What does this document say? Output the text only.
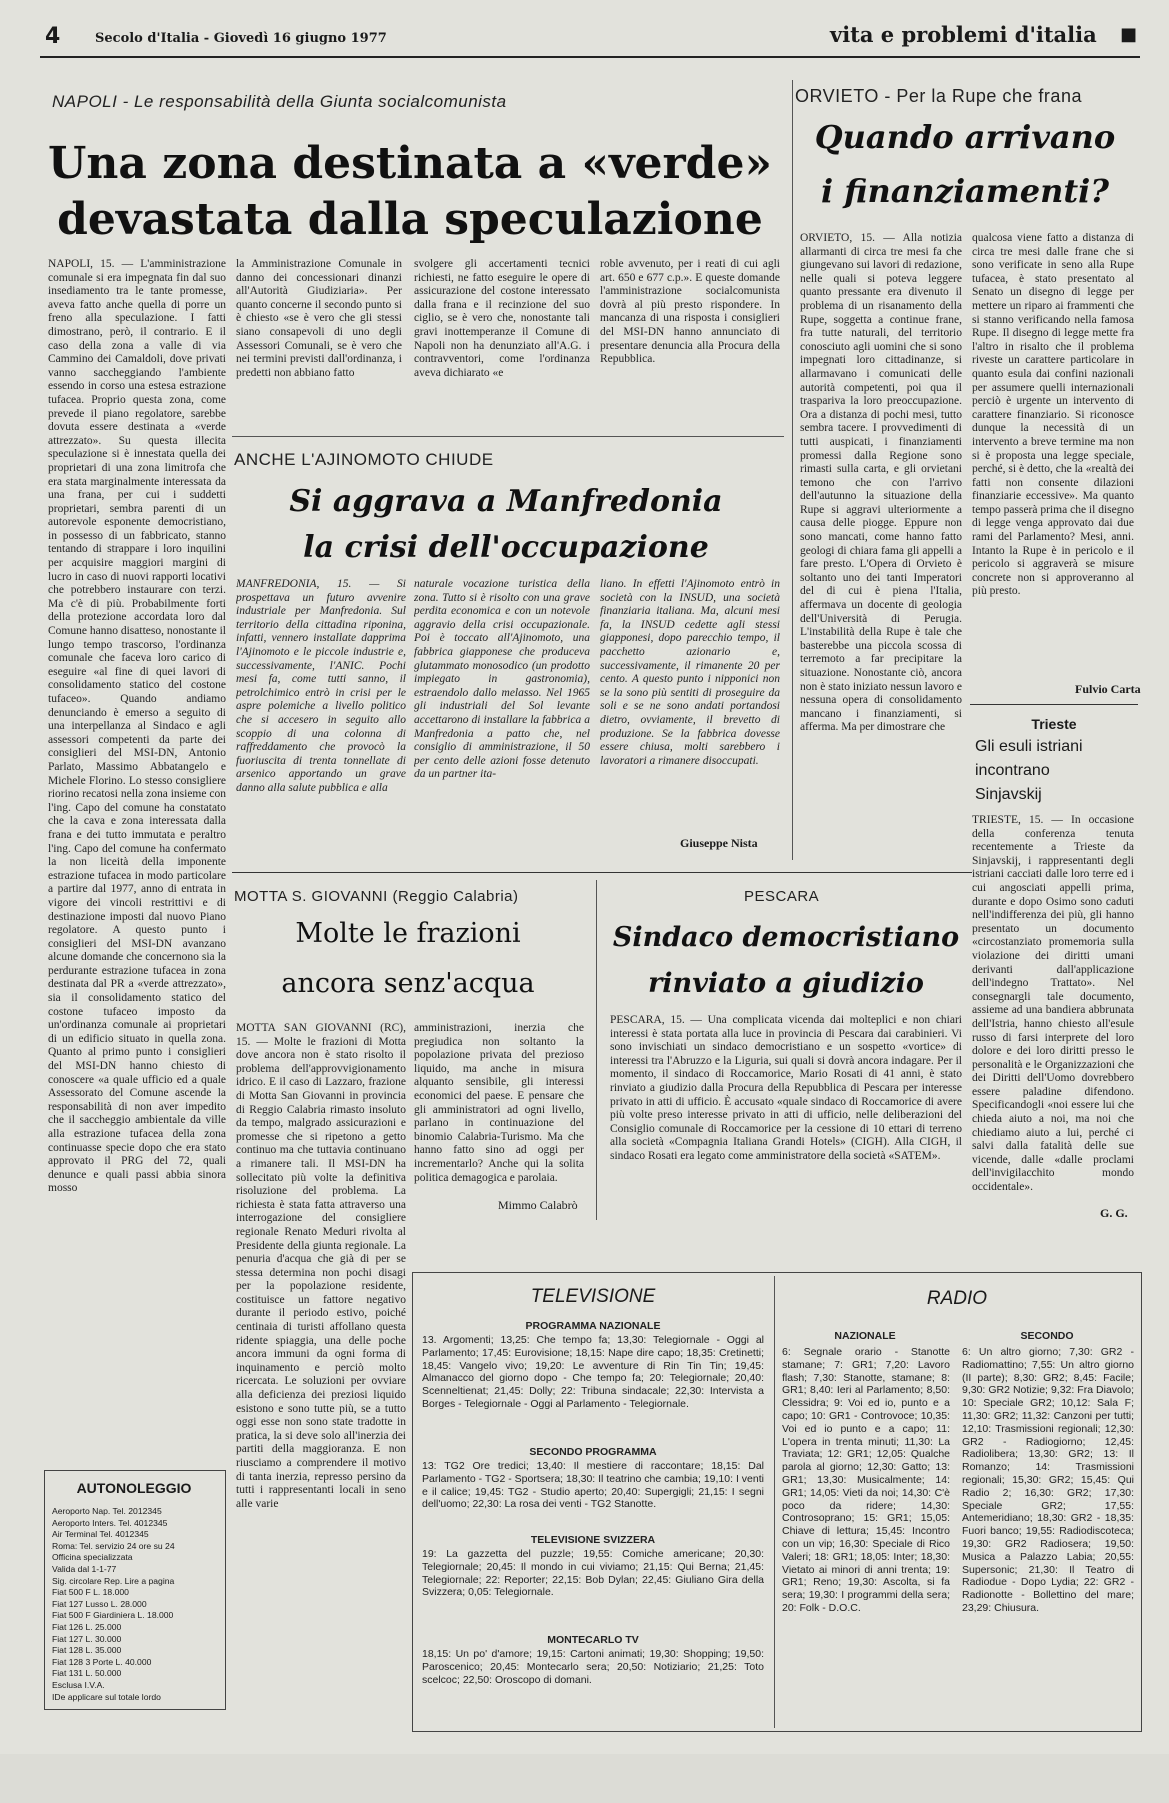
4	Secolo d'Italia - Giovedì 16 giugno 1977	vita e problemi d'italia ■
NAPOLI - Le responsabilità della Giunta socialcomunista
Una zona destinata a «verde»
devastata dalla speculazione
NAPOLI, 15. — L'amministrazione comunale si era impegnata fin dal suo insediamento tra le tante promesse, aveva fatto anche quella di porre un freno alla speculazione. I fatti dimostrano, però, il contrario. E il caso della zona a valle di via Cammino dei Camaldoli, dove privati vanno saccheggiando l'ambiente essendo in corso una estesa estrazione tufacea. Proprio questa zona, come prevede il piano regolatore, sarebbe dovuta essere destinata a «verde attrezzato». Su questa illecita speculazione si è innestata quella dei proprietari di una zona limitrofa che era stata marginalmente interessata da una frana, per cui i suddetti proprietari, sembra parenti di un autorevole esponente democristiano, in possesso di un fabbricato, stanno tentando di strappare i loro inquilini per acquisire maggiori margini di lucro in caso di nuovi rapporti locativi che potrebbero instaurare con terzi. Ma c'è di più. Probabilmente forti della protezione accordata loro dal Comune hanno disatteso, nonostante il lungo tempo trascorso, l'ordinanza comunale che faceva loro carico di eseguire «al fine di quei lavori di consolidamento statico del costone tufaceo». Quando andiamo denunciando è emerso a seguito di una interpellanza al Sindaco e agli assessori competenti da parte dei consiglieri del MSI-DN, Antonio Parlato, Massimo Abbatangelo e Michele Florino. Lo stesso consigliere riorino recatosi nella zona insieme con l'ing. Capo del comune ha constatato che la cava e zona interessata dalla frana e dei tutto immutata e peraltro l'ing. Capo del comune ha confermato la non liceità della imponente estrazione tufacea in modo particolare a partire dal 1977, anno di entrata in vigore dei vincoli restrittivi e di destinazione imposti dal nuovo Piano regolatore. A questo punto i consiglieri del MSI-DN avanzano alcune domande che concernono sia la perdurante estrazione tufacea in zona destinata dal PR a «verde attrezzato», sia il consolidamento statico del costone tufaceo imposto da un'ordinanza comunale ai proprietari di un edificio situato in quella zona. Quanto al primo punto i consiglieri del MSI-DN hanno chiesto di conoscere «a quale ufficio ed a quale Assessorato del Comune ascende la responsabilità di non aver impedito che il saccheggio ambientale da ville alla estrazione tufacea della zona continuasse specie dopo che era stato approvato il PRG del 72, quali denunce e quali passi abbia sinora mosso
la Amministrazione Comunale in danno dei concessionari dinanzi all'Autorità Giudiziaria». Per quanto concerne il secondo punto si è chiesto «se è vero che gli stessi siano consapevoli di uno degli Assessori Comunali, se è vero che nei termini previsti dall'ordinanza, i predetti non abbiano fatto
svolgere gli accertamenti tecnici richiesti, ne fatto eseguire le opere di assicurazione del costone interessato dalla frana e il recinzione del suo ciglio, se è vero che, nonostante tali gravi inottemperanze il Comune di Napoli non ha denunziato all'A.G. i contravventori, come l'ordinanza aveva dichiarato «e
roble avvenuto, per i reati di cui agli art. 650 e 677 c.p.». E queste domande l'amministrazione socialcomunista dovrà al più presto rispondere. In mancanza di una risposta i consiglieri del MSI-DN hanno annunciato di presentare denuncia alla Procura della Repubblica.
ANCHE L'AJINOMOTO CHIUDE
Si aggrava a Manfredonia
la crisi dell'occupazione
MANFREDONIA, 15. — Si prospettava un futuro avvenire industriale per Manfredonia. Sul territorio della cittadina riponina, infatti, vennero installate dapprima l'Ajinomoto e le piccole industrie e, successivamente, l'ANIC. Pochi mesi fa, come tutti sanno, il petrolchimico entrò in crisi per le aspre polemiche a livello politico che si accesero in seguito allo scoppio di una colonna di raffreddamento che provocò la fuoriuscita di trenta tonnellate di arsenico apportando un grave danno alla salute pubblica e alla
naturale vocazione turistica della zona. Tutto si è risolto con una grave perdita economica e con un notevole aggravio della crisi occupazionale. Poi è toccato all'Ajinomoto, una fabbrica giapponese che produceva glutammato monosodico (un prodotto impiegato in gastronomia), estraendolo dallo melasso. Nel 1965 gli industriali del Sol levante accettarono di installare la fabbrica a Manfredonia a patto che, nel consiglio di amministrazione, il 50 per cento delle azioni fosse detenuto da un partner ita-
liano. In effetti l'Ajinomoto entrò in società con la INSUD, una società finanziaria italiana. Ma, alcuni mesi fa, la INSUD cedette agli stessi giapponesi, dopo parecchio tempo, il pacchetto azionario e, successivamente, il rimanente 20 per cento. A questo punto i nipponici non se la sono più sentiti di proseguire da soli e se ne sono andati portandosi dietro, ovviamente, il brevetto di produzione. Se la fabbrica dovesse essere chiusa, molti sarebbero i lavoratori a rimanere disoccupati.
Giuseppe Nista
ORVIETO - Per la Rupe che frana
Quando arrivano
i finanziamenti?
ORVIETO, 15. — Alla notizia allarmanti di circa tre mesi fa che giungevano sui lavori di redazione, nelle quali si poteva leggere quanto pressante era divenuto il problema di un risanamento della Rupe, soggetta a continue frane, fra tutte naturali, del territorio conosciuto agli uomini che si sono impegnati loro cittadinanze, si allarmavano i comunicati delle autorità competenti, poi qua il traspariva la loro preoccupazione. Ora a distanza di pochi mesi, tutto sembra tacere. I provvedimenti di tutti auspicati, i finanziamenti promessi dalla Regione sono rimasti sulla carta, e gli orvietani temono che con l'arrivo dell'autunno la situazione della Rupe si aggravi ulteriormente a causa delle piogge. Eppure non sono mancati, come hanno fatto geologi di chiara fama gli appelli a fare presto. L'Opera di Orvieto è soltanto uno dei tanti Imperatori del di cui è piena l'Italia, affermava un docente di geologia dell'Università di Perugia. L'instabilità della Rupe è tale che basterebbe una piccola scossa di terremoto a far precipitare la situazione. Nonostante ciò, ancora non è stato iniziato nessun lavoro e nessuna opera di consolidamento mancano i finanziamenti, si afferma. Ma per dimostrare che
qualcosa viene fatto a distanza di circa tre mesi dalle frane che si sono verificate in seno alla Rupe tufacea, è stato presentato al Senato un disegno di legge per mettere un riparo ai frammenti che si stanno verificando nella famosa Rupe. Il disegno di legge mette fra l'altro in risalto che il problema riveste un carattere particolare in quanto esula dai confini nazionali per assumere quelli internazionali perciò è urgente un intervento di carattere finanziario. Si riconosce dunque la necessità di un intervento a breve termine ma non si è proposta una legge speciale, perché, si è detto, che la «realtà dei fatti non consente dilazioni finanziarie eccessive». Ma quanto tempo passerà prima che il disegno di legge venga approvato dai due rami del Parlamento? Mesi, anni. Intanto la Rupe è in pericolo e il pericolo si aggraverà se misure concrete non si approveranno al più presto.
Fulvio Carta
Trieste
Gli esuli istriani
incontrano
Sinjavskij
TRIESTE, 15. — In occasione della conferenza tenuta recentemente a Trieste da Sinjavskij, i rappresentanti degli istriani cacciati dalle loro terre ed i cui angosciati appelli prima, durante e dopo Osimo sono caduti nell'indifferenza dei più, gli hanno presentato un documento «circostanziato promemoria sulla violazione dei diritti umani derivanti dall'applicazione dell'indegno Trattato». Nel consegnargli tale documento, assieme ad una bandiera abbrunata dell'Istria, hanno chiesto all'esule russo di farsi interprete del loro dolore e dei loro diritti presso le personalità e le Organizzazioni che dei Diritti dell'Uomo dovrebbero essere paladine difendono. Specificandogli «noi essere lui che chieda aiuto a noi, ma noi che chiediamo aiuto a lui, perché ci salvi dalla fatalità delle sue vicende, dalle «dalle proclami dell'invigilacchito mondo occidentale».
G. G.
MOTTA S. GIOVANNI (Reggio Calabria)
Molte le frazioni
ancora senz'acqua
MOTTA SAN GIOVANNI (RC), 15. — Molte le frazioni di Motta dove ancora non è stato risolto il problema dell'approvvigionamento idrico. E il caso di Lazzaro, frazione di Motta San Giovanni in provincia di Reggio Calabria rimasto insoluto da tempo, malgrado assicurazioni e promesse che si ripetono a getto continuo ma che tuttavia continuano a rimanere tali. Il MSI-DN ha sollecitato più volte la definitiva risoluzione del problema. La richiesta è stata fatta attraverso una interrogazione del consigliere regionale Renato Meduri rivolta al Presidente della giunta regionale. La penuria d'acqua che già di per se stessa determina non pochi disagi per la popolazione residente, costituisce un fattore negativo durante il periodo estivo, poiché centinaia di turisti affollano questa ridente spiaggia, una delle poche ancora immuni da ogni forma di inquinamento e perciò molto ricercata. Le soluzioni per ovviare alla deficienza dei preziosi liquido esistono e sono tutte più, se a tutto oggi esse non sono state tradotte in pratica, la si deve solo all'inerzia dei partiti della maggioranza. E non riusciamo a comprendere il motivo di tanta inerzia, represso persino da tutti i rappresentanti locali in seno alle varie
amministrazioni, inerzia che pregiudica non soltanto la popolazione privata del prezioso liquido, ma anche in misura alquanto sensibile, gli interessi economici del paese. E pensare che gli amministratori ad ogni livello, parlano in continuazione del binomio Calabria-Turismo. Ma che hanno fatto sino ad oggi per incrementarlo? Anche qui la solita politica demagogica e parolaia.
Mimmo Calabrò
PESCARA
Sindaco democristiano
rinviato a giudizio
PESCARA, 15. — Una complicata vicenda dai molteplici e non chiari interessi è stata portata alla luce in provincia di Pescara dai carabinieri. Vi sono invischiati un sindaco democristiano e un sospetto «vortice» di interessi tra l'Abruzzo e la Liguria, sui quali si dovrà ancora indagare. Per il momento, il sindaco di Roccamorice, Mario Rosati di 41 anni, è stato rinviato a giudizio dalla Procura della Repubblica di Pescara per interesse privato in atti di ufficio. È accusato «quale sindaco di Roccamorice di avere più volte preso interesse privato in atti di ufficio, nelle deliberazioni del Consiglio comunale di Roccamorice per la cessione di 10 ettari di terreno alla società «Compagnia Italiana Grandi Hotels» (CIGH). Alla CIGH, il sindaco Rosati era legato come amministratore della società «SATEM».
AUTONOLEGGIO
Aeroporto Nap. Tel. 2012345
Aeroporto Inters. Tel. 4012345
Air Terminal Tel. 4012345
Roma: Tel. servizio 24 ore su 24
Officina specializzata
Valida dal 1-1-77
Sig. circolare Rep. Lire a pagina
Fiat 500 F L. 18.000
Fiat 127 Lusso L. 28.000
Fiat 500 F Giardiniera L. 18.000
Fiat 126 L. 25.000
Fiat 127 L. 30.000
Fiat 128 L. 35.000
Fiat 128 3 Porte L. 40.000
Fiat 131 L. 50.000
Esclusa I.V.A.
IDe applicare sul totale lordo
TELEVISIONE
PROGRAMMA NAZIONALE
13. Argomenti; 13,25: Che tempo fa; 13,30: Telegiornale - Oggi al Parlamento; 17,45: Eurovisione; 18,15: Nape dire capo; 18,35: Cretinetti; 18,45: Vangelo vivo; 19,20: Le avventure di Rin Tin Tin; 19,45: Almanacco del giorno dopo - Che tempo fa; 20: Telegiornale; 20,40: Scenneltienat; 21,45: Dolly; 22: Tribuna sindacale; 22,30: Intervista a Borges - Telegiornale - Oggi al Parlamento - Telegiornale.
SECONDO PROGRAMMA
13: TG2 Ore tredici; 13,40: Il mestiere di raccontare; 18,15: Dal Parlamento - TG2 - Sportsera; 18,30: Il teatrino che cambia; 19,10: I venti e il calice; 19,45: TG2 - Studio aperto; 20,40: Supergigli; 21,15: I segni dell'uomo; 22,30: La rosa dei venti - TG2 Stanotte.
TELEVISIONE SVIZZERA
19: La gazzetta del puzzle; 19,55: Comiche americane; 20,30: Telegiornale; 20,45: Il mondo in cui viviamo; 21,15: Qui Berna; 21,45: Telegiornale; 22: Reporter; 22,15: Bob Dylan; 22,45: Giuliano Gira della Svizzera; 0,05: Telegiornale.
MONTECARLO TV
18,15: Un po' d'amore; 19,15: Cartoni animati; 19,30: Shopping; 19,50: Paroscenico; 20,45: Montecarlo sera; 20,50: Notiziario; 21,25: Toto scelcoc; 22,50: Oroscopo di domani.
RADIO
NAZIONALE
6: Segnale orario - Stanotte stamane; 7: GR1; 7,20: Lavoro flash; 7,30: Stanotte, stamane; 8: GR1; 8,40: Ieri al Parlamento; 8,50: Clessidra; 9: Voi ed io, punto e a capo; 10: GR1 - Controvoce; 10,35: Voi ed io punto e a capo; 11: L'opera in trenta minuti; 11,30: La Traviata; 12: GR1; 12,05: Qualche parola al giorno; 12,30: Gatto; 13: GR1; 13,30: Musicalmente; 14: GR1; 14,05: Vieti da noi; 14,30: C'è poco da ridere; 14,30: Controsoprano; 15: GR1; 15,05: Chiave di lettura; 15,45: Incontro con un vip; 16,30: Speciale di Rico Valeri; 18: GR1; 18,05: Inter; 18,30: Vietato ai minori di anni trenta; 19: GR1; Reno; 19,30: Ascolta, si fa sera; 19,30: I programmi della sera; 20: Folk - D.O.C.
SECONDO
6: Un altro giorno; 7,30: GR2 - Radiomattino; 7,55: Un altro giorno (II parte); 8,30: GR2; 8,45: Facile; 9,30: GR2 Notizie; 9,32: Fra Diavolo; 10: Speciale GR2; 10,12: Sala F; 11,30: GR2; 11,32: Canzoni per tutti; 12,10: Trasmissioni regionali; 12,30: GR2 - Radiogiorno; 12,45: Radiolibera; 13,30: GR2; 13: Il Romanzo; 14: Trasmissioni regionali; 15,30: GR2; 15,45: Qui Radio 2; 16,30: GR2; 17,30: Speciale GR2; 17,55: Antemeridiano; 18,30: GR2 - 18,35: Fuori banco; 19,55: Radiodiscoteca; 19,30: GR2 Radiosera; 19,50: Musica a Palazzo Labia; 20,55: Supersonic; 21,30: Il Teatro di Radiodue - Dopo Lydia; 22: GR2 - Radionotte - Bollettino del mare; 23,29: Chiusura.
